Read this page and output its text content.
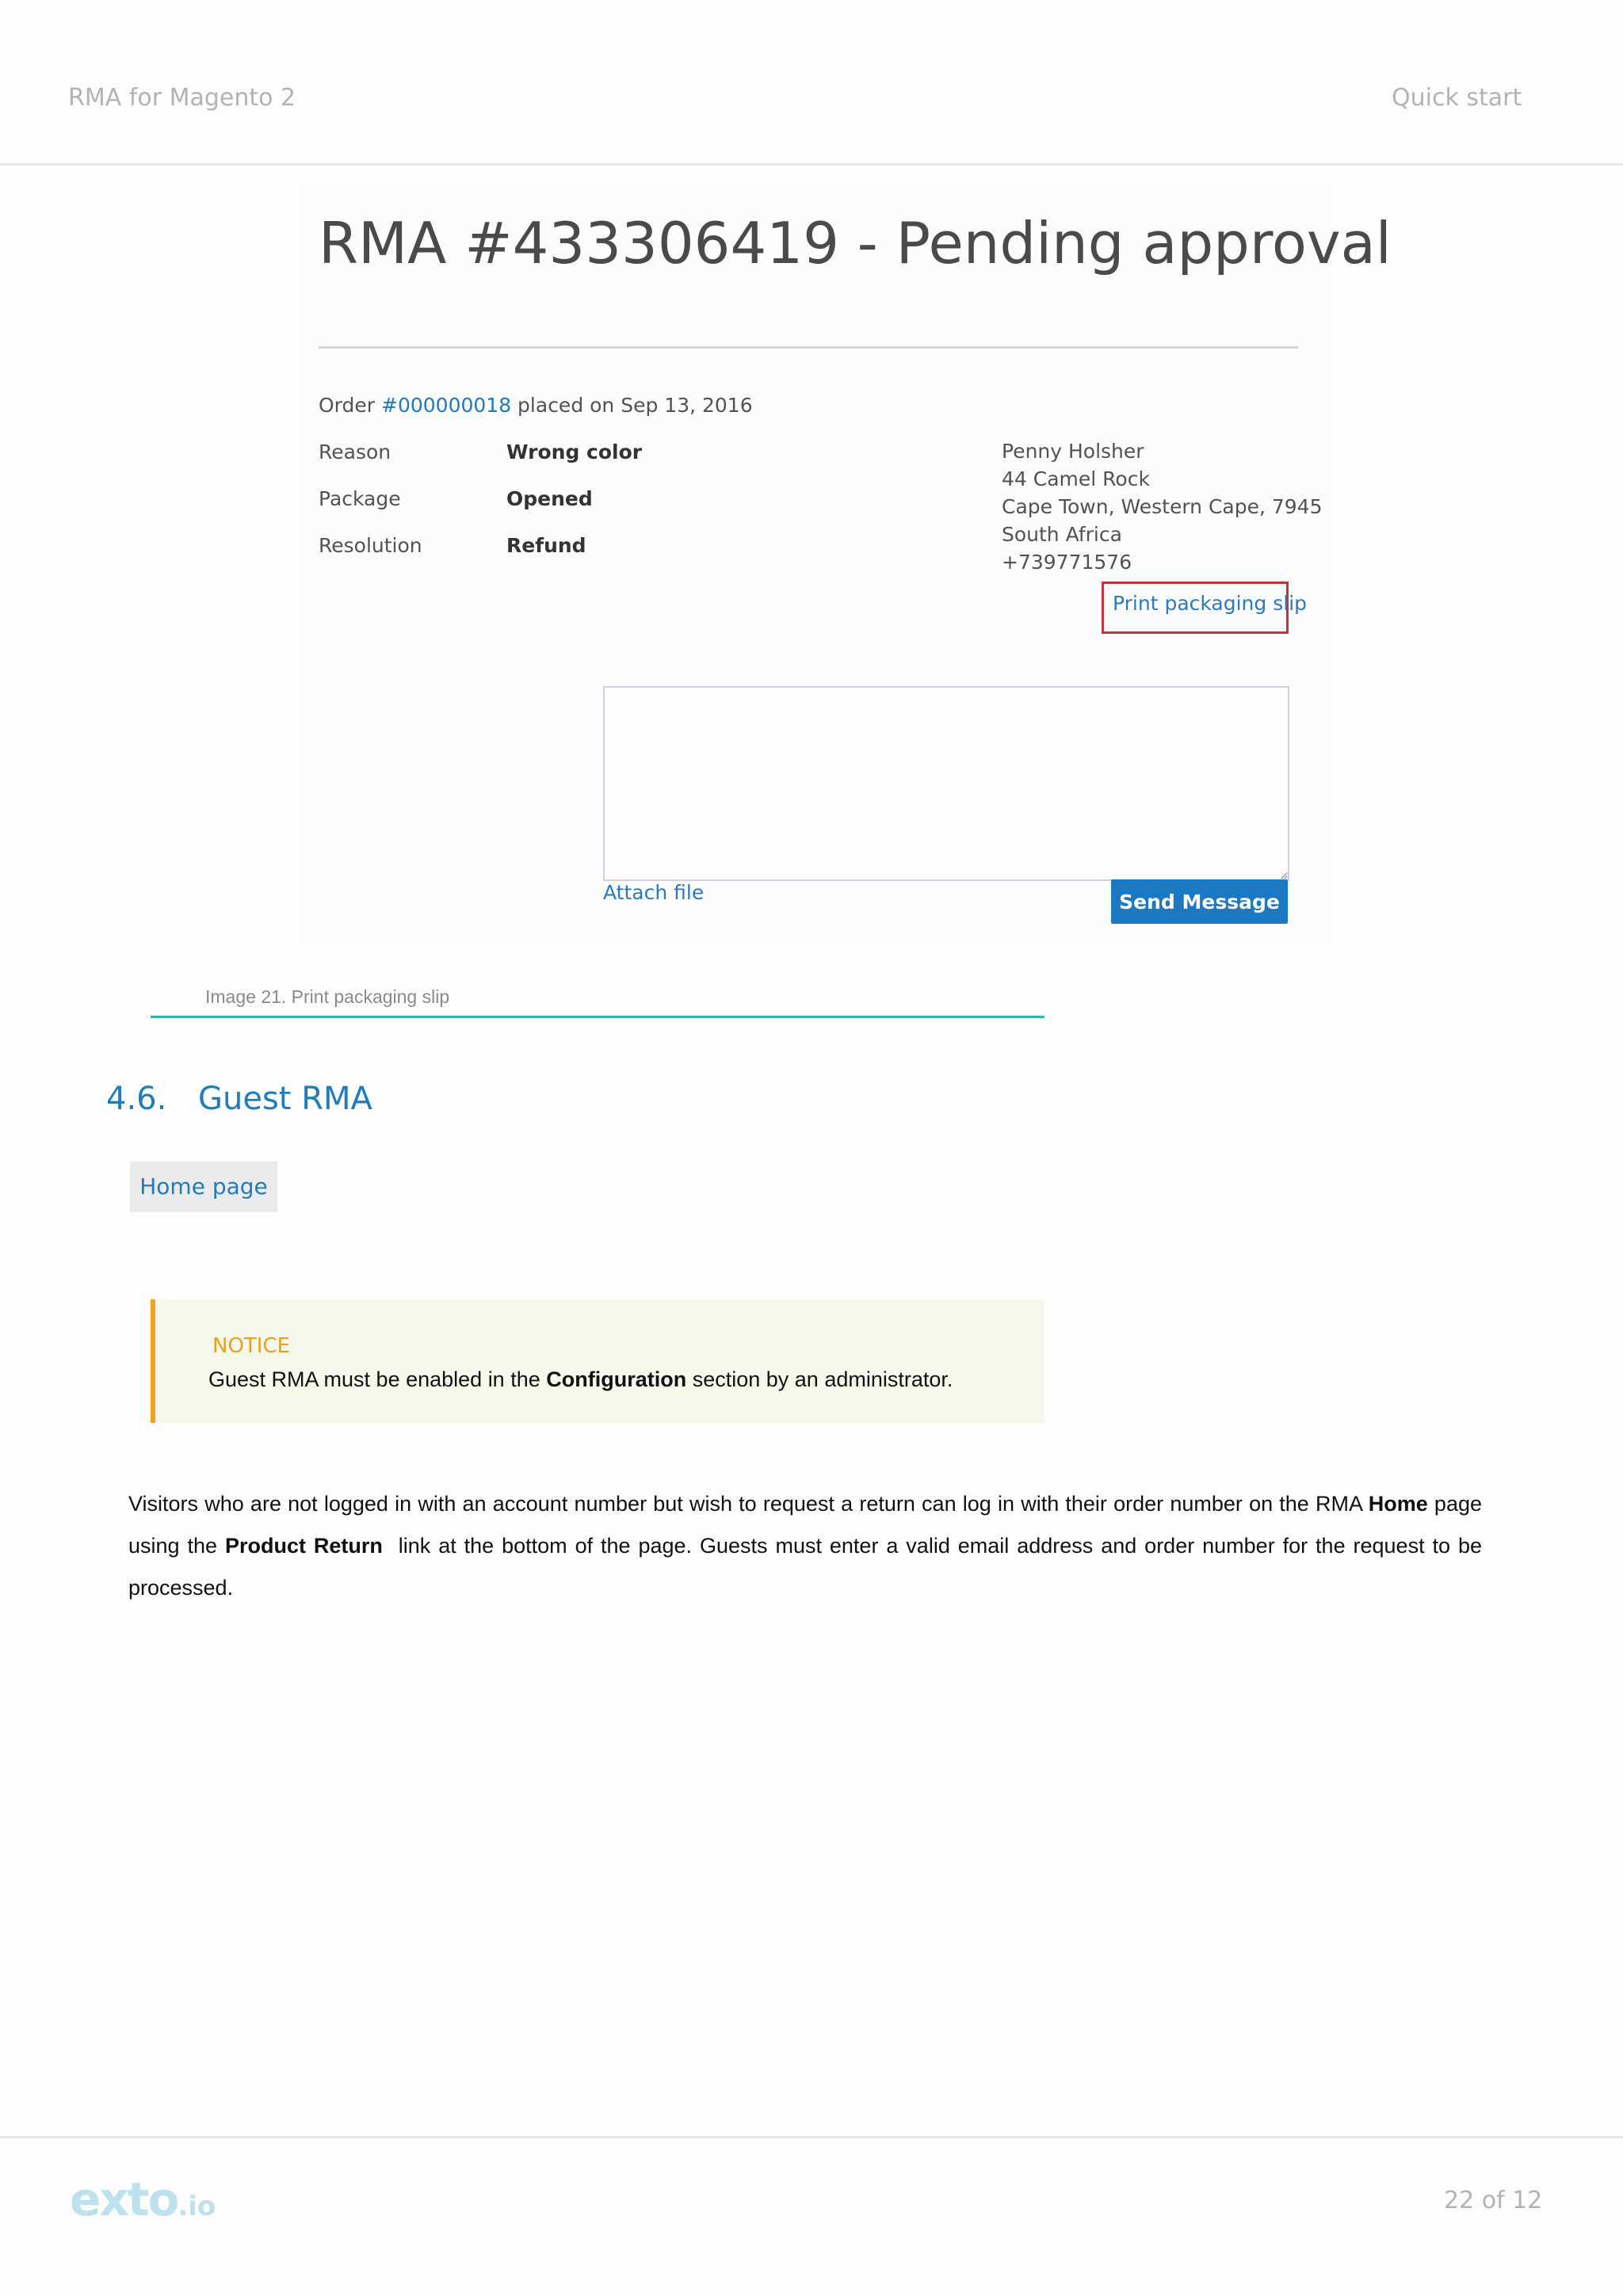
RMA for Magento 2	Quick start
RMA #433306419 - Pending approval
Order #000000018 placed on Sep 13, 2016
Reason	Wrong color
Package	Opened
Resolution	Refund
Penny Holsher
44 Camel Rock
Cape Town, Western Cape, 7945
South Africa
+739771576
Print packaging slip
Attach file	Send Message
Image 21. Print packaging slip
4.6. Guest RMA
Home page
NOTICE
Guest RMA must be enabled in the Configuration section by an administrator.
Visitors who are not logged in with an account number but wish to request a return can log in with their order number on the RMA Home page using the Product Return  link at the bottom of the page. Guests must enter a valid email address and order number for the request to be processed.
exto.io	22 of 12
